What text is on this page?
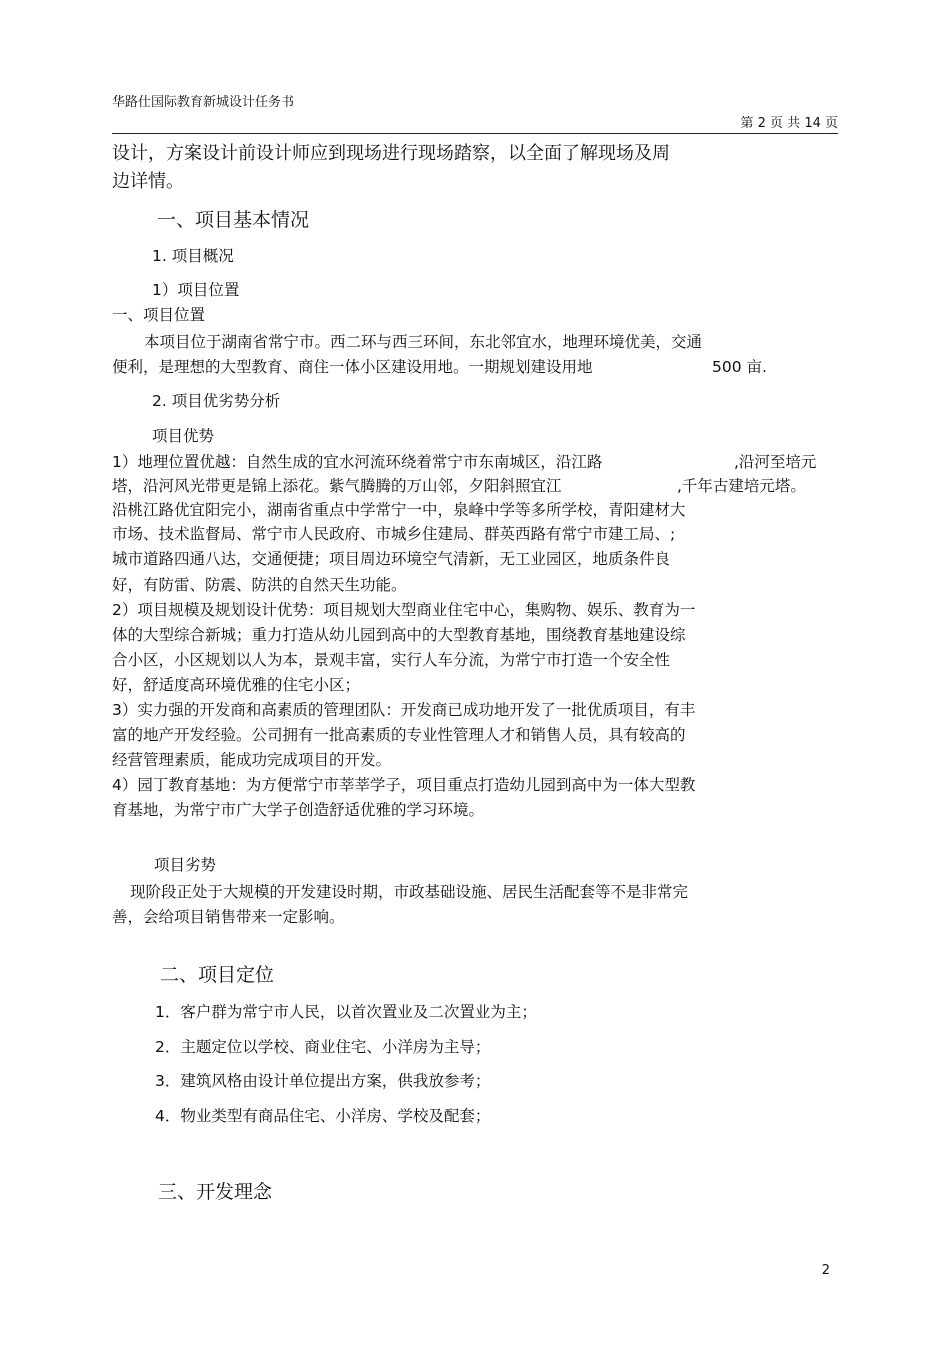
华路仕国际教育新城设计任务书
第 2 页 共 14 页
设计，方案设计前设计师应到现场进行现场踏察，以全面了解现场及周
边详情。
一、项目基本情况
1. 项目概况
1）项目位置
一、项目位置
本项目位于湖南省常宁市。西二环与西三环间，东北邻宜水，地理环境优美，交通
便利，是理想的大型教育、商住一体小区建设用地。一期规划建设用地	500 亩.
2. 项目优劣势分析
项目优势
1）地理位置优越：自然生成的宜水河流环绕着常宁市东南城区，沿江路	,沿河至培元
塔，沿河风光带更是锦上添花。紫气腾腾的万山邻，夕阳斜照宜江	,千年古建培元塔。
沿桃江路优宜阳完小，湖南省重点中学常宁一中，泉峰中学等多所学校，青阳建材大
市场、技术监督局、常宁市人民政府、市城乡住建局、群英西路有常宁市建工局、;
城市道路四通八达，交通便捷；项目周边环境空气清新，无工业园区，地质条件良
好，有防雷、防震、防洪的自然天生功能。
2）项目规模及规划设计优势：项目规划大型商业住宅中心，集购物、娱乐、教育为一
体的大型综合新城；重力打造从幼儿园到高中的大型教育基地，围绕教育基地建设综
合小区，小区规划以人为本，景观丰富，实行人车分流，为常宁市打造一个安全性
好，舒适度高环境优雅的住宅小区；
3）实力强的开发商和高素质的管理团队：开发商已成功地开发了一批优质项目，有丰
富的地产开发经验。公司拥有一批高素质的专业性管理人才和销售人员，具有较高的
经营管理素质，能成功完成项目的开发。
4）园丁教育基地：为方便常宁市莘莘学子，项目重点打造幼儿园到高中为一体大型教
育基地，为常宁市广大学子创造舒适优雅的学习环境。
项目劣势
现阶段正处于大规模的开发建设时期，市政基础设施、居民生活配套等不是非常完
善，会给项目销售带来一定影响。
二、项目定位
1．客户群为常宁市人民，以首次置业及二次置业为主；
2．主题定位以学校、商业住宅、小洋房为主导；
3．建筑风格由设计单位提出方案，供我放参考；
4．物业类型有商品住宅、小洋房、学校及配套；
三、开发理念
2
